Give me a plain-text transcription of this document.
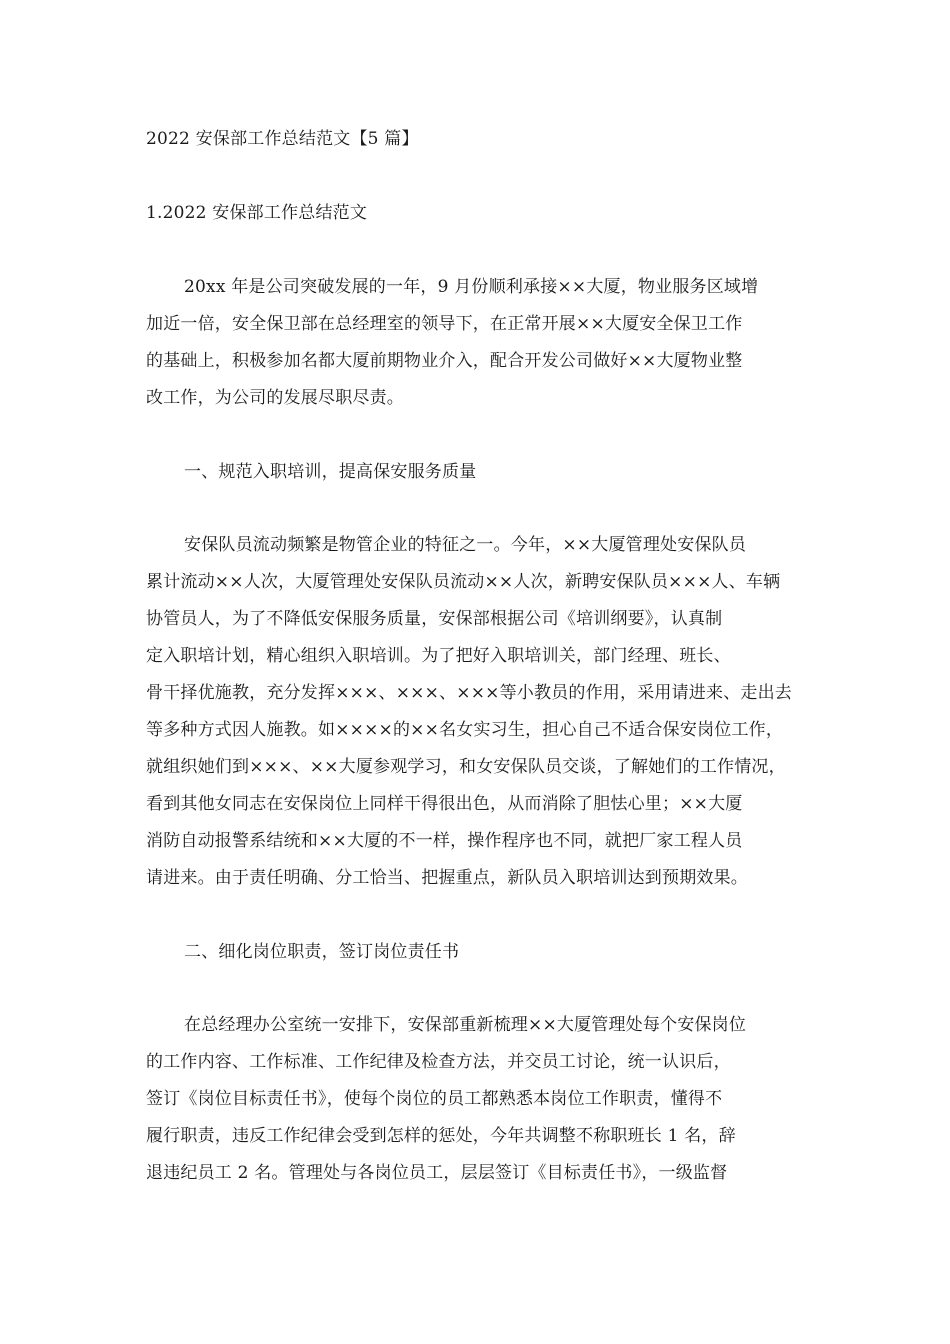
2022 安保部工作总结范文【5 篇】
1.2022 安保部工作总结范文
20xx 年是公司突破发展的一年，9 月份顺利承接××大厦，物业服务区域增
加近一倍，安全保卫部在总经理室的领导下，在正常开展××大厦安全保卫工作
的基础上，积极参加名都大厦前期物业介入，配合开发公司做好××大厦物业整
改工作，为公司的发展尽职尽责。
一、规范入职培训，提高保安服务质量
安保队员流动频繁是物管企业的特征之一。今年，××大厦管理处安保队员
累计流动××人次，大厦管理处安保队员流动××人次，新聘安保队员×××人、车辆
协管员人，为了不降低安保服务质量，安保部根据公司《培训纲要》，认真制
定入职培计划，精心组织入职培训。为了把好入职培训关，部门经理、班长、
骨干择优施教，充分发挥×××、×××、×××等小教员的作用，采用请进来、走出去
等多种方式因人施教。如××××的××名女实习生，担心自己不适合保安岗位工作，
就组织她们到×××、××大厦参观学习，和女安保队员交谈，了解她们的工作情况，
看到其他女同志在安保岗位上同样干得很出色，从而消除了胆怯心里；××大厦
消防自动报警系结统和××大厦的不一样，操作程序也不同，就把厂家工程人员
请进来。由于责任明确、分工恰当、把握重点，新队员入职培训达到预期效果。
二、细化岗位职责，签订岗位责任书
在总经理办公室统一安排下，安保部重新梳理××大厦管理处每个安保岗位
的工作内容、工作标准、工作纪律及检查方法，并交员工讨论，统一认识后，
签订《岗位目标责任书》，使每个岗位的员工都熟悉本岗位工作职责，懂得不
履行职责，违反工作纪律会受到怎样的惩处，今年共调整不称职班长 1 名，辞
退违纪员工 2 名。管理处与各岗位员工，层层签订《目标责任书》，一级监督
